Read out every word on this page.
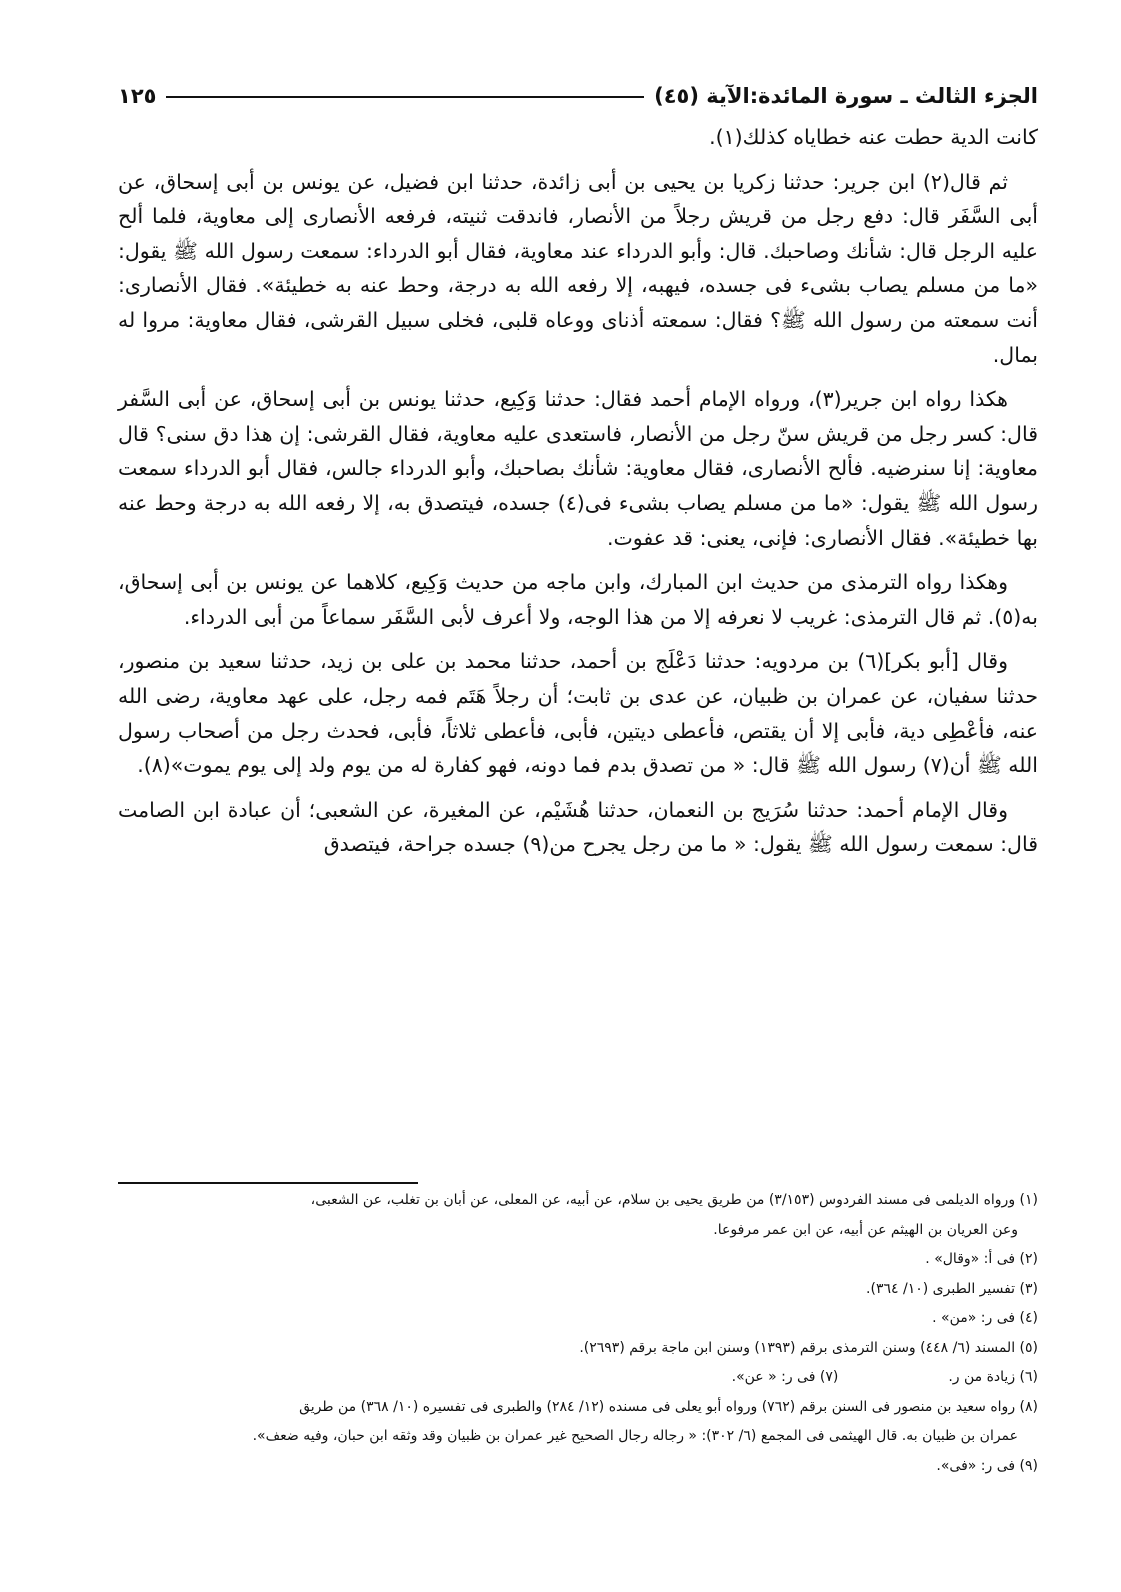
الجزء الثالث ـ سورة المائدة:الآية (٤٥)
١٢٥

كانت الدية حطت عنه خطاياه كذلك(١).

ثم قال(٢) ابن جرير: حدثنا زكريا بن يحيى بن أبى زائدة، حدثنا ابن فضيل، عن يونس بن أبى إسحاق، عن أبى السَّفَر قال: دفع رجل من قريش رجلاً من الأنصار، فاندقت ثنيته، فرفعه الأنصارى إلى معاوية، فلما ألح عليه الرجل قال: شأنك وصاحبك. قال: وأبو الدرداء عند معاوية، فقال أبو الدرداء: سمعت رسول الله ﷺ يقول: «ما من مسلم يصاب بشىء فى جسده، فيهبه، إلا رفعه الله به درجة، وحط عنه به خطيئة». فقال الأنصارى: أنت سمعته من رسول الله ﷺ؟ فقال: سمعته أذناى ووعاه قلبى، فخلى سبيل القرشى، فقال معاوية: مروا له بمال.

هكذا رواه ابن جرير(٣)، ورواه الإمام أحمد فقال: حدثنا وَكِيع، حدثنا يونس بن أبى إسحاق، عن أبى السَّفر قال: كسر رجل من قريش سنّ رجل من الأنصار، فاستعدى عليه معاوية، فقال القرشى: إن هذا دق سنى؟ قال معاوية: إنا سنرضيه. فألح الأنصارى، فقال معاوية: شأنك بصاحبك، وأبو الدرداء جالس، فقال أبو الدرداء سمعت رسول الله ﷺ يقول: «ما من مسلم يصاب بشىء فى(٤) جسده، فيتصدق به، إلا رفعه الله به درجة وحط عنه بها خطيئة». فقال الأنصارى: فإنى، يعنى: قد عفوت.

وهكذا رواه الترمذى من حديث ابن المبارك، وابن ماجه من حديث وَكِيع، كلاهما عن يونس بن أبى إسحاق، به(٥). ثم قال الترمذى: غريب لا نعرفه إلا من هذا الوجه، ولا أعرف لأبى السَّفَر سماعاً من أبى الدرداء.

وقال [أبو بكر](٦) بن مردويه: حدثنا دَعْلَج بن أحمد، حدثنا محمد بن على بن زيد، حدثنا سعيد بن منصور، حدثنا سفيان، عن عمران بن ظبيان، عن عدى بن ثابت؛ أن رجلاً هَتَم فمه رجل، على عهد معاوية، رضى الله عنه، فأعْطِى دية، فأبى إلا أن يقتص، فأعطى ديتين، فأبى، فأعطى ثلاثاً، فأبى، فحدث رجل من أصحاب رسول الله ﷺ أن(٧) رسول الله ﷺ قال: « من تصدق بدم فما دونه، فهو كفارة له من يوم ولد إلى يوم يموت»(٨).

وقال الإمام أحمد: حدثنا سُرَيج بن النعمان، حدثنا هُشَيْم، عن المغيرة، عن الشعبى؛ أن عبادة ابن الصامت قال: سمعت رسول الله ﷺ يقول: « ما من رجل يجرح من(٩) جسده جراحة، فيتصدق

(١) ورواه الديلمى فى مسند الفردوس (٣/١٥٣) من طريق يحيى بن سلام، عن أبيه، عن المعلى، عن أبان بن تغلب، عن الشعبى،

وعن العريان بن الهيثم عن أبيه، عن ابن عمر مرفوعا.

(٢) فى أ: «وقال» .

(٣) تفسير الطبرى (١٠/ ٣٦٤).

(٤) فى ر: «من» .

(٥) المسند (٦/ ٤٤٨) وسنن الترمذى برقم (١٣٩٣) وسنن ابن ماجة برقم (٢٦٩٣).

(٦) زيادة من ر.
(٧) فى ر: « عن».

(٨) رواه سعيد بن منصور فى السنن برقم (٧٦٢) ورواه أبو يعلى فى مسنده (١٢/ ٢٨٤) والطبرى فى تفسيره (١٠/ ٣٦٨) من طريق

عمران بن ظبيان به. قال الهيثمى فى المجمع (٦/ ٣٠٢): « رجاله رجال الصحيح غير عمران بن ظبيان وقد وثقه ابن حبان، وفيه ضعف».

(٩) فى ر: «فى».
